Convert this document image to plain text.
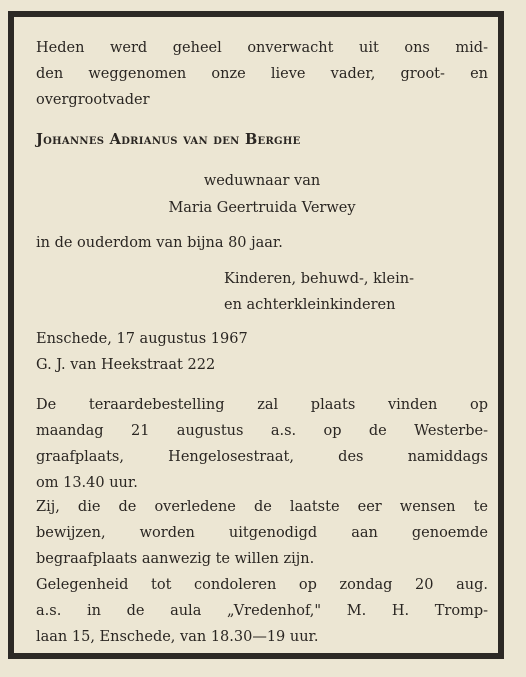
Heden werd geheel onverwacht uit ons mid-
den weggenomen onze lieve vader, groot- en
overgrootvader
Johannes Adrianus van den Berghe
weduwnaar van
Maria Geertruida Verwey
in de ouderdom van bijna 80 jaar.
Kinderen, behuwd-, klein-
en achterkleinkinderen
Enschede, 17 augustus 1967
G. J. van Heekstraat 222
De teraardebestelling zal plaats vinden op
maandag 21 augustus a.s. op de Westerbe-
graafplaats, Hengelosestraat, des namiddags
om 13.40 uur.
Zij, die de overledene de laatste eer wensen te
bewijzen, worden uitgenodigd aan genoemde
begraafplaats aanwezig te willen zijn.
Gelegenheid tot condoleren op zondag 20 aug.
a.s. in de aula „Vredenhof," M. H. Tromp-
laan 15, Enschede, van 18.30—19 uur.
